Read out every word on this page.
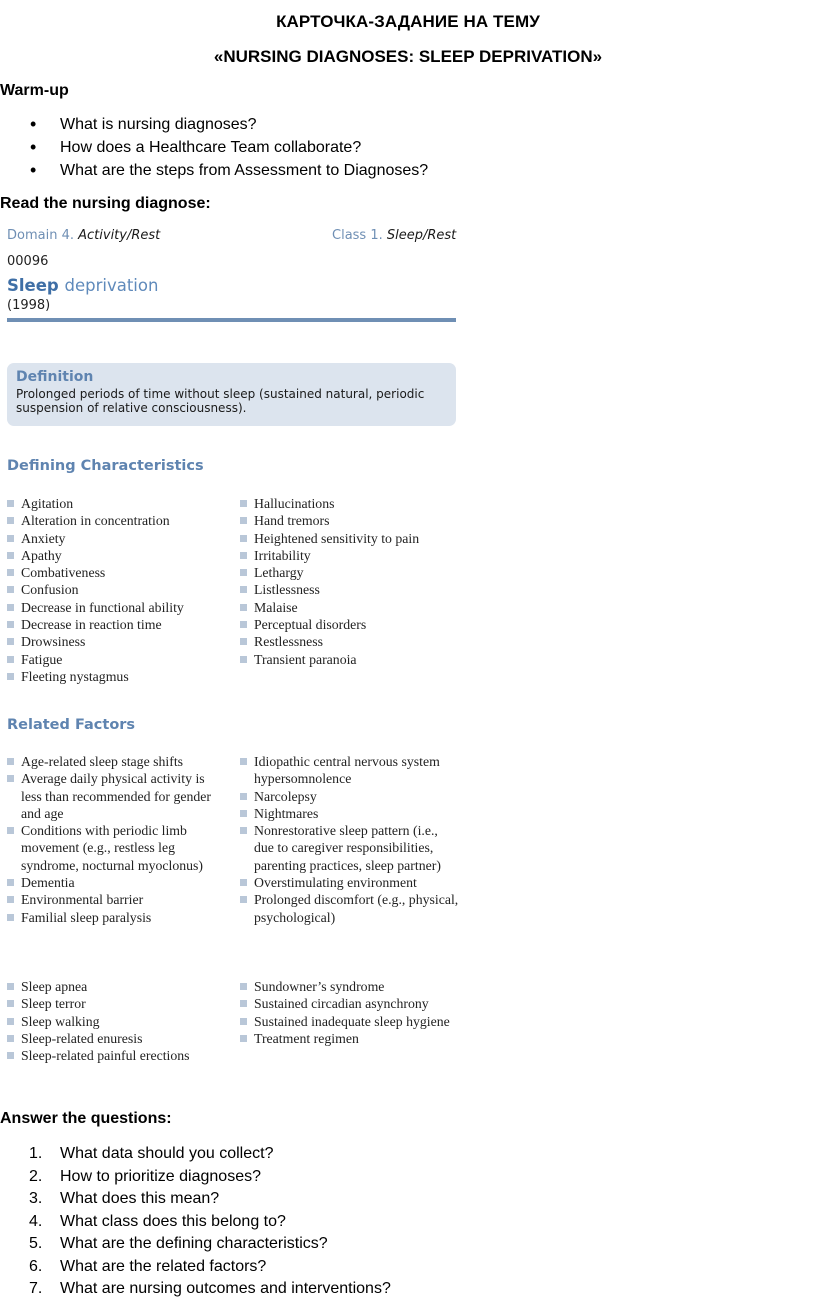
КАРТОЧКА-ЗАДАНИЕ НА ТЕМУ
«NURSING DIAGNOSES: SLEEP DEPRIVATION»
Warm-up
• What is nursing diagnoses?
• How does a Healthcare Team collaborate?
• What are the steps from Assessment to Diagnoses?
Read the nursing diagnose:
Domain 4. Activity/Rest	Class 1. Sleep/Rest
00096
Sleep deprivation
(1998)
Definition
Prolonged periods of time without sleep (sustained natural, periodic suspension of relative consciousness).
Defining Characteristics
Agitation
Alteration in concentration
Anxiety
Apathy
Combativeness
Confusion
Decrease in functional ability
Decrease in reaction time
Drowsiness
Fatigue
Fleeting nystagmus
Hallucinations
Hand tremors
Heightened sensitivity to pain
Irritability
Lethargy
Listlessness
Malaise
Perceptual disorders
Restlessness
Transient paranoia
Related Factors
Age-related sleep stage shifts
Average daily physical activity is less than recommended for gender and age
Conditions with periodic limb movement (e.g., restless leg syndrome, nocturnal myoclonus)
Dementia
Environmental barrier
Familial sleep paralysis
Idiopathic central nervous system hypersomnolence
Narcolepsy
Nightmares
Nonrestorative sleep pattern (i.e., due to caregiver responsibilities, parenting practices, sleep partner)
Overstimulating environment
Prolonged discomfort (e.g., physical, psychological)
Sleep apnea
Sleep terror
Sleep walking
Sleep-related enuresis
Sleep-related painful erections
Sundowner’s syndrome
Sustained circadian asynchrony
Sustained inadequate sleep hygiene
Treatment regimen
Answer the questions:
1. What data should you collect?
2. How to prioritize diagnoses?
3. What does this mean?
4. What class does this belong to?
5. What are the defining characteristics?
6. What are the related factors?
7. What are nursing outcomes and interventions?
